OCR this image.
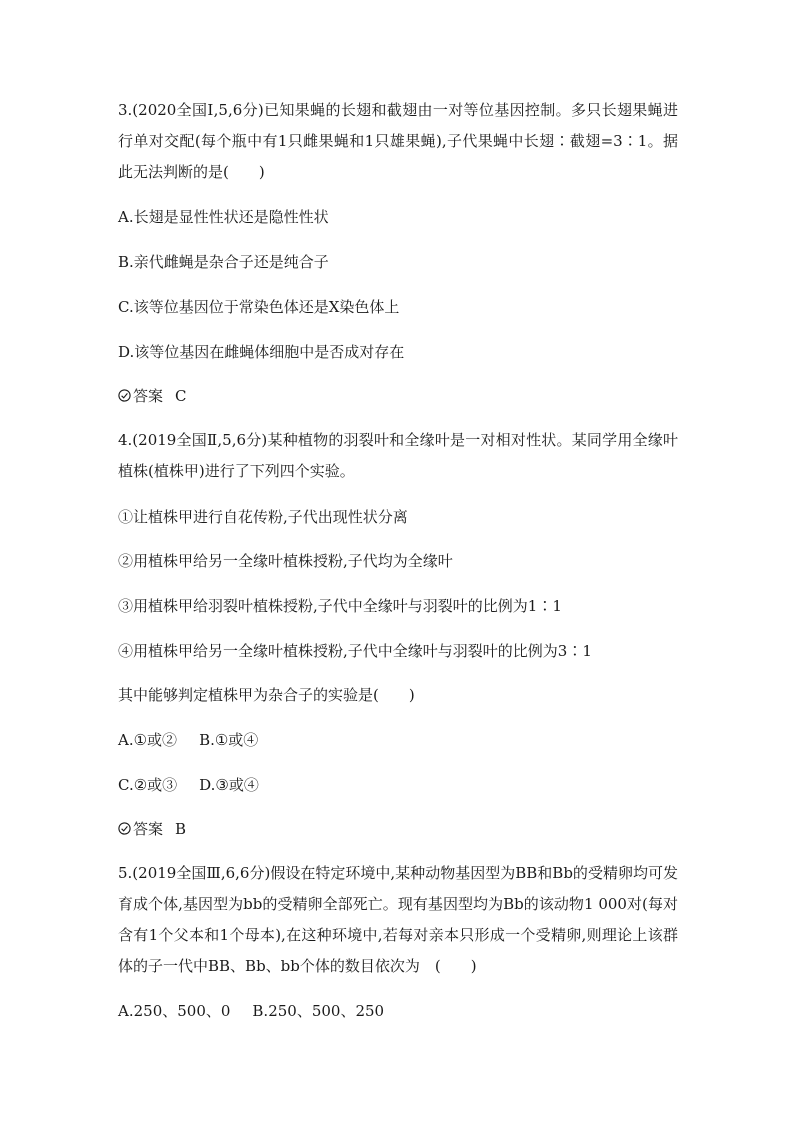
3.(2020全国Ⅰ,5,6分)已知果蝇的长翅和截翅由一对等位基因控制。多只长翅果蝇进行单对交配(每个瓶中有1只雌果蝇和1只雄果蝇),子代果蝇中长翅∶截翅=3∶1。据此无法判断的是(　　)

A.长翅是显性性状还是隐性性状

B.亲代雌蝇是杂合子还是纯合子

C.该等位基因位于常染色体还是X染色体上

D.该等位基因在雌蝇体细胞中是否成对存在

答案 C

4.(2019全国Ⅱ,5,6分)某种植物的羽裂叶和全缘叶是一对相对性状。某同学用全缘叶植株(植株甲)进行了下列四个实验。

①让植株甲进行自花传粉,子代出现性状分离

②用植株甲给另一全缘叶植株授粉,子代均为全缘叶

③用植株甲给羽裂叶植株授粉,子代中全缘叶与羽裂叶的比例为1∶1

④用植株甲给另一全缘叶植株授粉,子代中全缘叶与羽裂叶的比例为3∶1

其中能够判定植株甲为杂合子的实验是(　　)

A.①或② B.①或④

C.②或③ D.③或④

答案 B

5.(2019全国Ⅲ,6,6分)假设在特定环境中,某种动物基因型为BB和Bb的受精卵均可发育成个体,基因型为bb的受精卵全部死亡。现有基因型均为Bb的该动物1 000对(每对含有1个父本和1个母本),在这种环境中,若每对亲本只形成一个受精卵,则理论上该群体的子一代中BB、Bb、bb个体的数目依次为　(　　)

A.250、500、0 B.250、500、250
